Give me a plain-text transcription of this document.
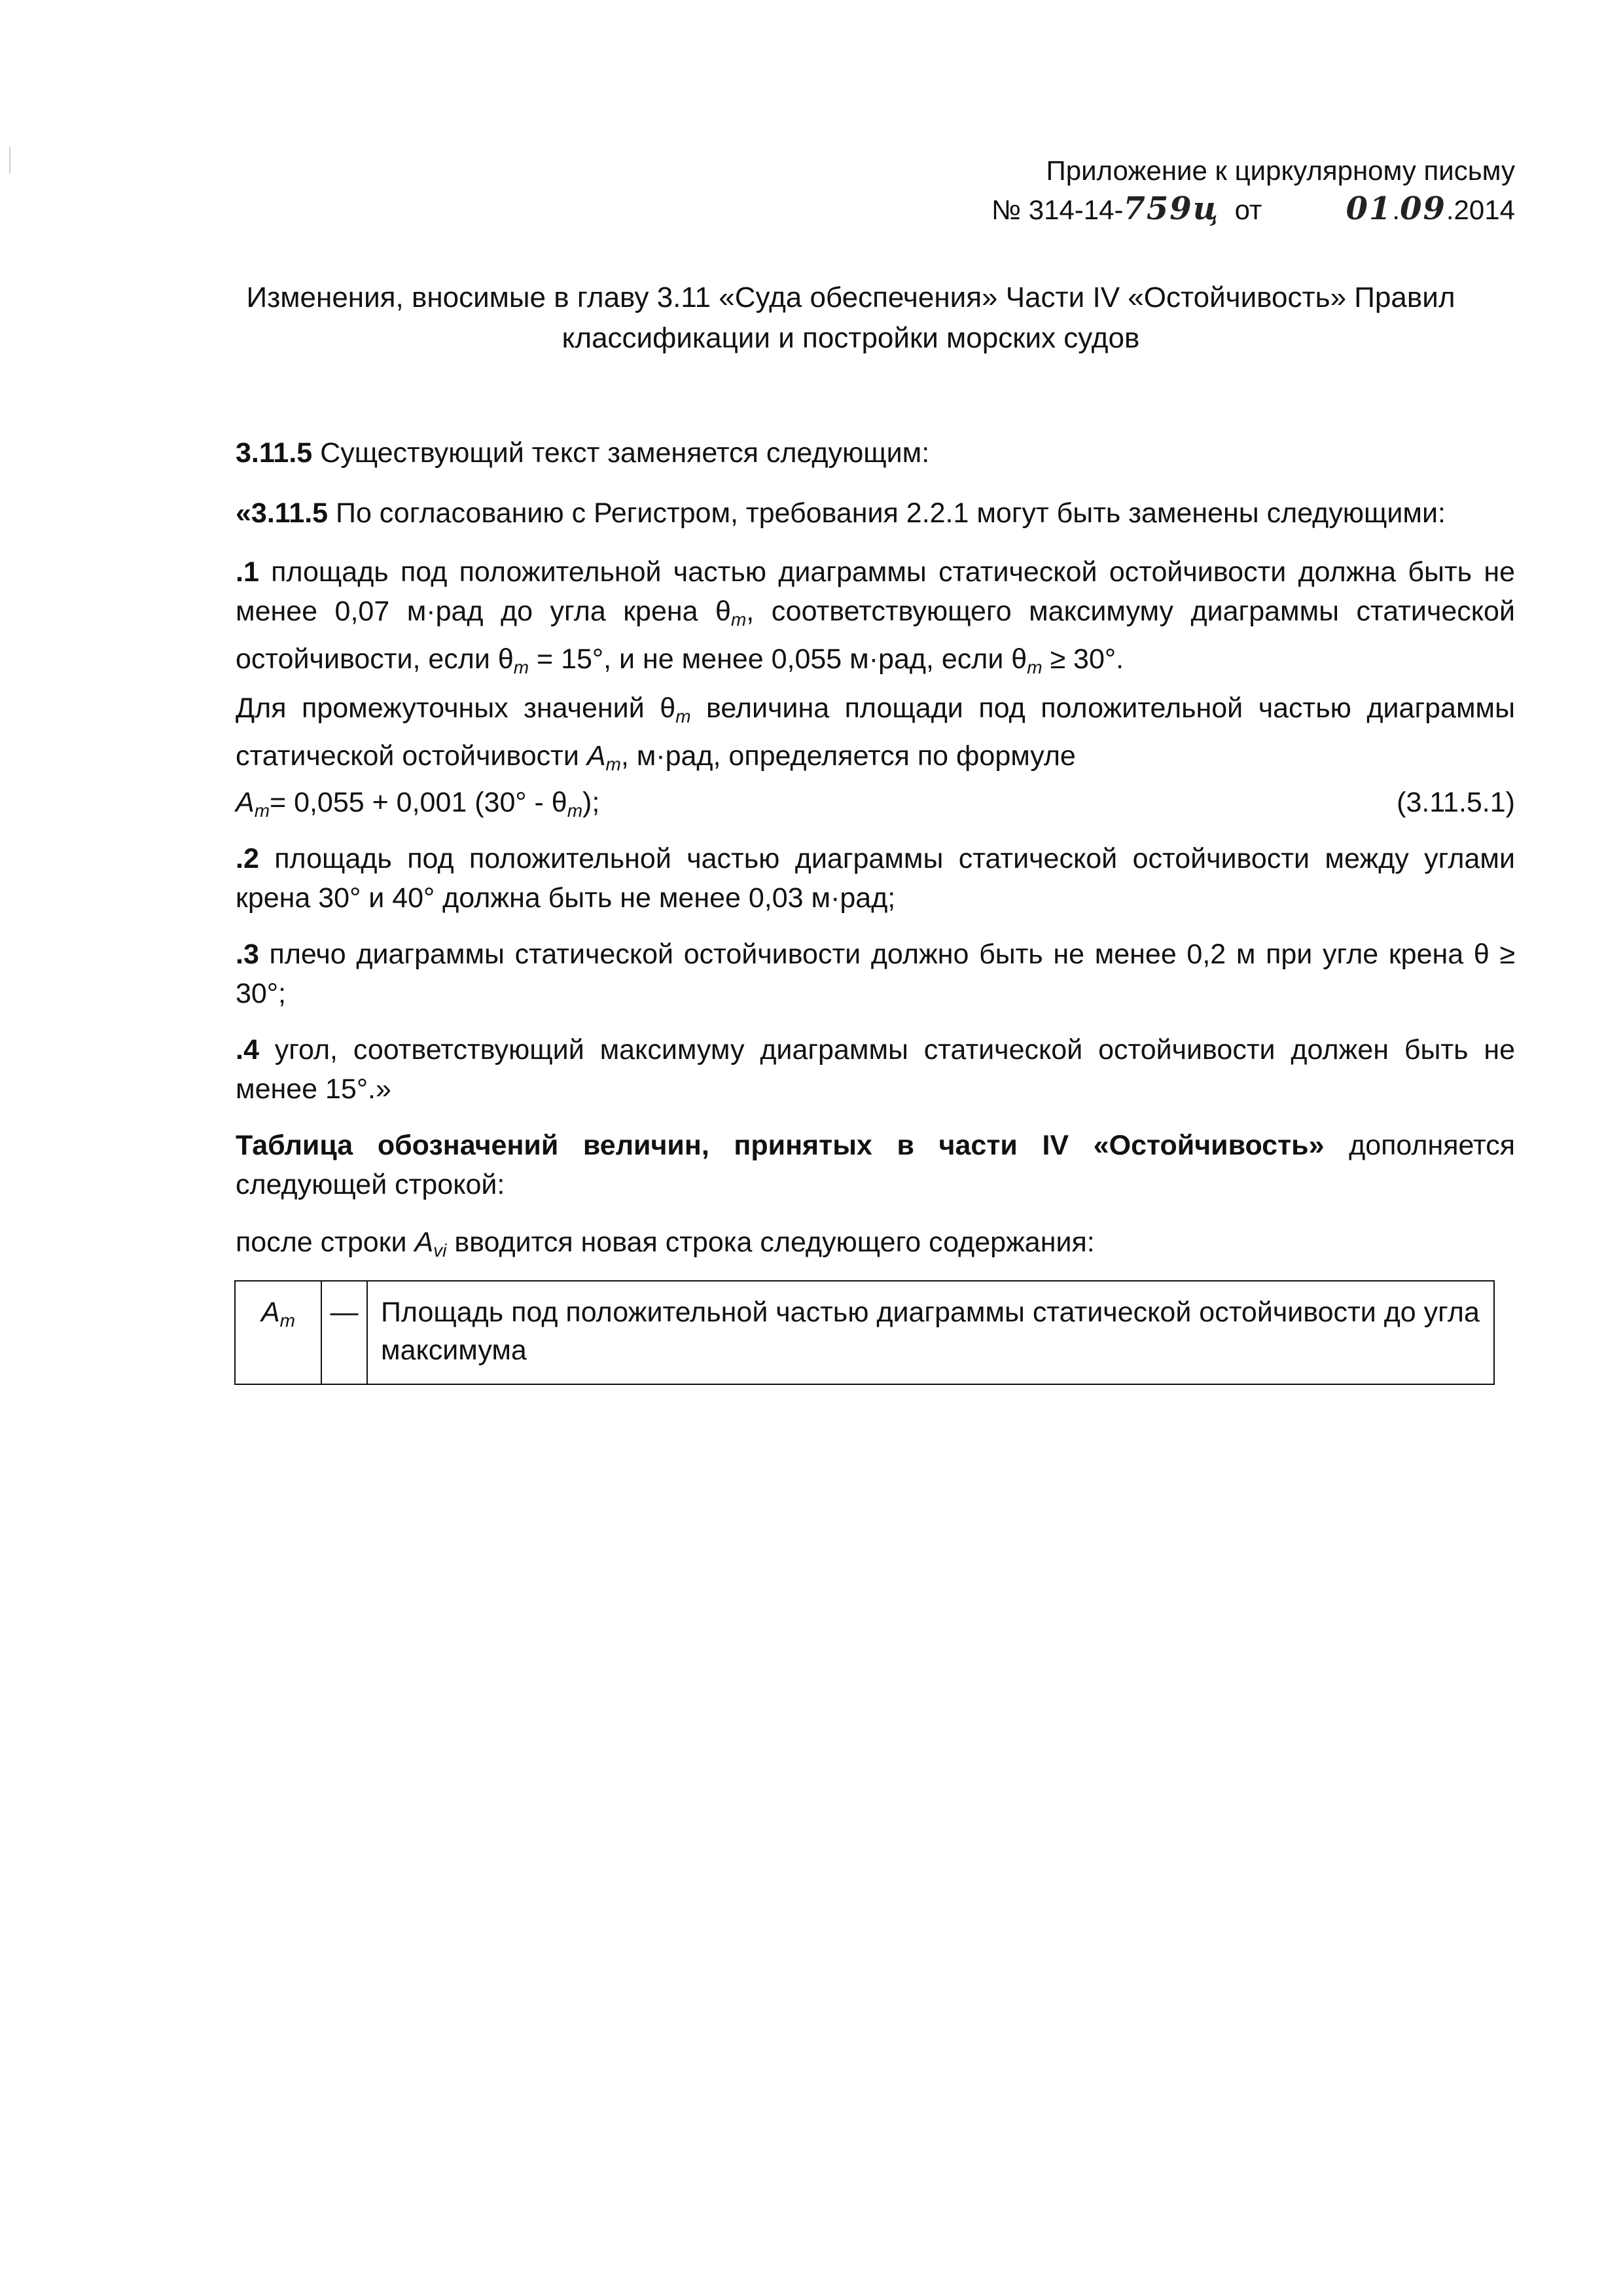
Приложение к циркулярному письму
№ 314-14-759ц от	01.09.2014
Изменения, вносимые в главу 3.11 «Суда обеспечения» Части IV «Остойчивость» Правил
классификации и постройки морских судов
3.11.5 Существующий текст заменяется следующим:
«3.11.5 По согласованию с Регистром, требования 2.2.1 могут быть заменены следующими:
.1 площадь под положительной частью диаграммы статической остойчивости должна быть не менее 0,07 м·рад до угла крена $\theta_m$, соответствующего максимуму диаграммы статической остойчивости, если $\theta_m = 15^\circ$, и не менее 0,055 м·рад, если $\theta_m \ge 30^\circ$.
Для промежуточных значений $\theta_m$ величина площади под положительной частью диаграммы статической остойчивости $A_m$, м·рад, определяется по формуле
$A_m= 0,055 + 0,001$ $(30^\circ - \theta_m)$;	(3.11.5.1)
.2 площадь под положительной частью диаграммы статической остойчивости между углами крена 30° и 40° должна быть не менее 0,03 м·рад;
.3 плечо диаграммы статической остойчивости должно быть не менее 0,2 м при угле крена θ ≥ 30°;
.4 угол, соответствующий максимуму диаграммы статической остойчивости должен быть не менее 15°.»
Таблица обозначений величин, принятых в части IV «Остойчивость» дополняется следующей строкой:
после строки $A_{vi}$ вводится новая строка следующего содержания:
$A_m$	—	Площадь под положительной частью диаграммы статической остойчивости до угла максимума
